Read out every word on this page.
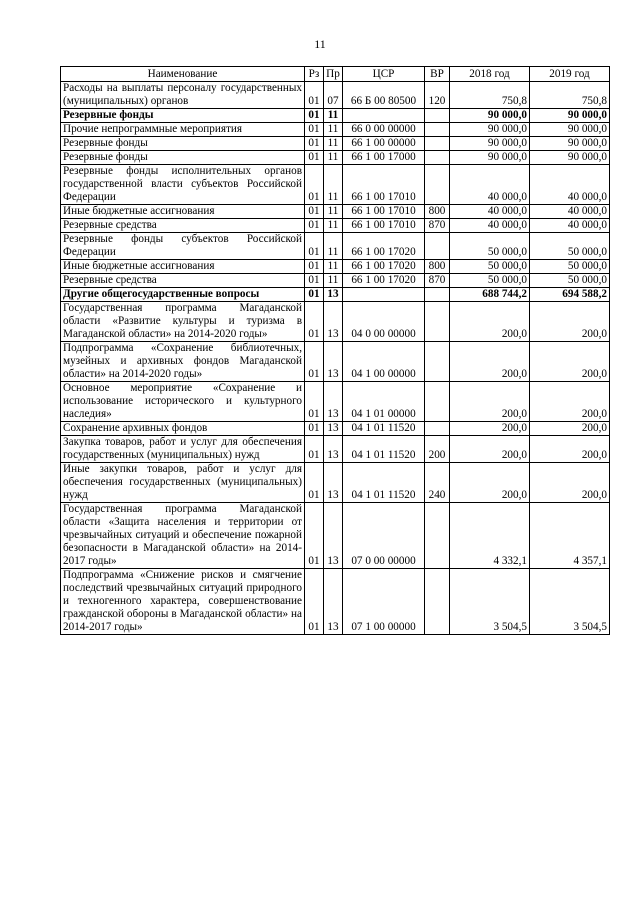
11
Наименование	Рз	Пр	ЦСР	ВР	2018 год	2019 год
Расходы на выплаты персоналу государственных (муниципальных) органов	01	07	66 Б 00 80500	120	750,8	750,8
Резервные фонды	01	11			90 000,0	90 000,0
Прочие непрограммные мероприятия	01	11	66 0 00 00000		90 000,0	90 000,0
Резервные фонды	01	11	66 1 00 00000		90 000,0	90 000,0
Резервные фонды	01	11	66 1 00 17000		90 000,0	90 000,0
Резервные фонды исполнительных органов государственной власти субъектов Российской Федерации	01	11	66 1 00 17010		40 000,0	40 000,0
Иные бюджетные ассигнования	01	11	66 1 00 17010	800	40 000,0	40 000,0
Резервные средства	01	11	66 1 00 17010	870	40 000,0	40 000,0
Резервные фонды субъектов Российской Федерации	01	11	66 1 00 17020		50 000,0	50 000,0
Иные бюджетные ассигнования	01	11	66 1 00 17020	800	50 000,0	50 000,0
Резервные средства	01	11	66 1 00 17020	870	50 000,0	50 000,0
Другие общегосударственные вопросы	01	13			688 744,2	694 588,2
Государственная программа Магаданской области «Развитие культуры и туризма в Магаданской области» на 2014-2020 годы»	01	13	04 0 00 00000		200,0	200,0
Подпрограмма «Сохранение библиотечных, музейных и архивных фондов Магаданской области» на 2014-2020 годы»	01	13	04 1 00 00000		200,0	200,0
Основное мероприятие «Сохранение и использование исторического и культурного наследия»	01	13	04 1 01 00000		200,0	200,0
Сохранение архивных фондов	01	13	04 1 01 11520		200,0	200,0
Закупка товаров, работ и услуг для обеспечения государственных (муниципальных) нужд	01	13	04 1 01 11520	200	200,0	200,0
Иные закупки товаров, работ и услуг для обеспечения государственных (муниципальных) нужд	01	13	04 1 01 11520	240	200,0	200,0
Государственная программа Магаданской области «Защита населения и территории от чрезвычайных ситуаций и обеспечение пожарной безопасности в Магаданской области» на 2014-2017 годы»	01	13	07 0 00 00000		4 332,1	4 357,1
Подпрограмма «Снижение рисков и смягчение последствий чрезвычайных ситуаций природного и техногенного характера, совершенствование гражданской обороны в Магаданской области» на 2014-2017 годы»	01	13	07 1 00 00000		3 504,5	3 504,5
